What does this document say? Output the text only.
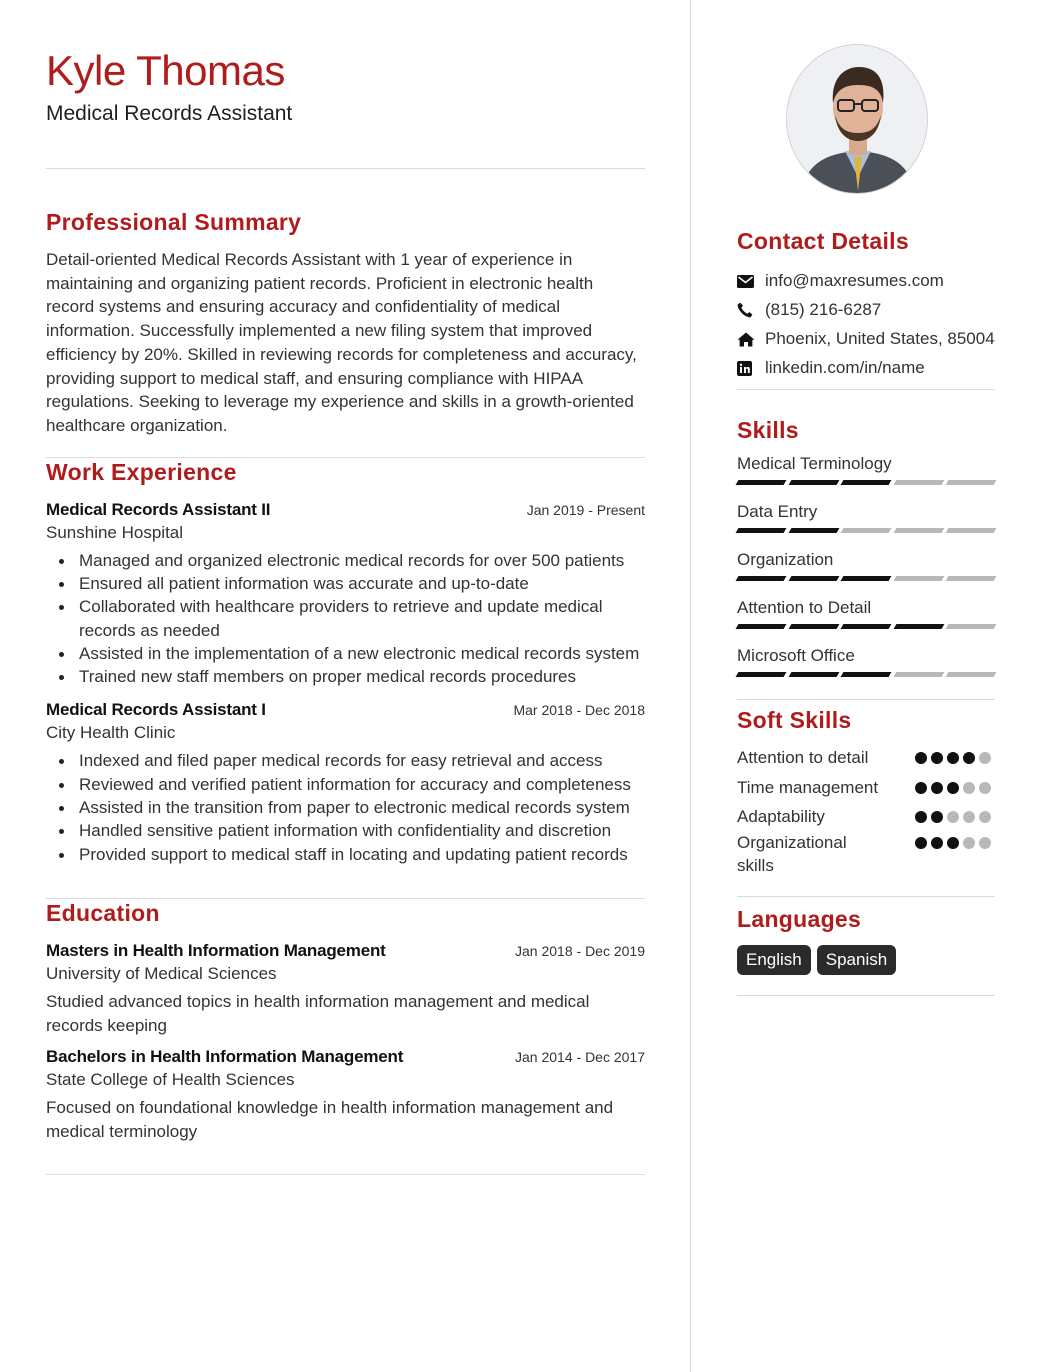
Kyle Thomas
Medical Records Assistant
Professional Summary

Detail-oriented Medical Records Assistant with 1 year of experience in maintaining and organizing patient records. Proficient in electronic health record systems and ensuring accuracy and confidentiality of medical information. Successfully implemented a new filing system that improved efficiency by 20%. Skilled in reviewing records for completeness and accuracy, providing support to medical staff, and ensuring compliance with HIPAA regulations. Seeking to leverage my experience and skills in a growth-oriented healthcare organization.

Work Experience
Medical Records Assistant II	Jan 2019 - Present
Sunshine Hospital
Managed and organized electronic medical records for over 500 patients
Ensured all patient information was accurate and up-to-date
Collaborated with healthcare providers to retrieve and update medical records as needed
Assisted in the implementation of a new electronic medical records system
Trained new staff members on proper medical records procedures
Medical Records Assistant I	Mar 2018 - Dec 2018
City Health Clinic
Indexed and filed paper medical records for easy retrieval and access
Reviewed and verified patient information for accuracy and completeness
Assisted in the transition from paper to electronic medical records system
Handled sensitive patient information with confidentiality and discretion
Provided support to medical staff in locating and updating patient records
Education
Masters in Health Information Management	Jan 2018 - Dec 2019
University of Medical Sciences

Studied advanced topics in health information management and medical records keeping

Bachelors in Health Information Management	Jan 2014 - Dec 2017
State College of Health Sciences

Focused on foundational knowledge in health information management and medical terminology

Contact Details
info@maxresumes.com
(815) 216-6287
Phoenix, United States, 85004
linkedin.com/in/name
Skills
Medical Terminology
Data Entry
Organization
Attention to Detail
Microsoft Office
Soft Skills
Attention to detail
Time management
Adaptability
Organizational skills
Languages
English	Spanish
